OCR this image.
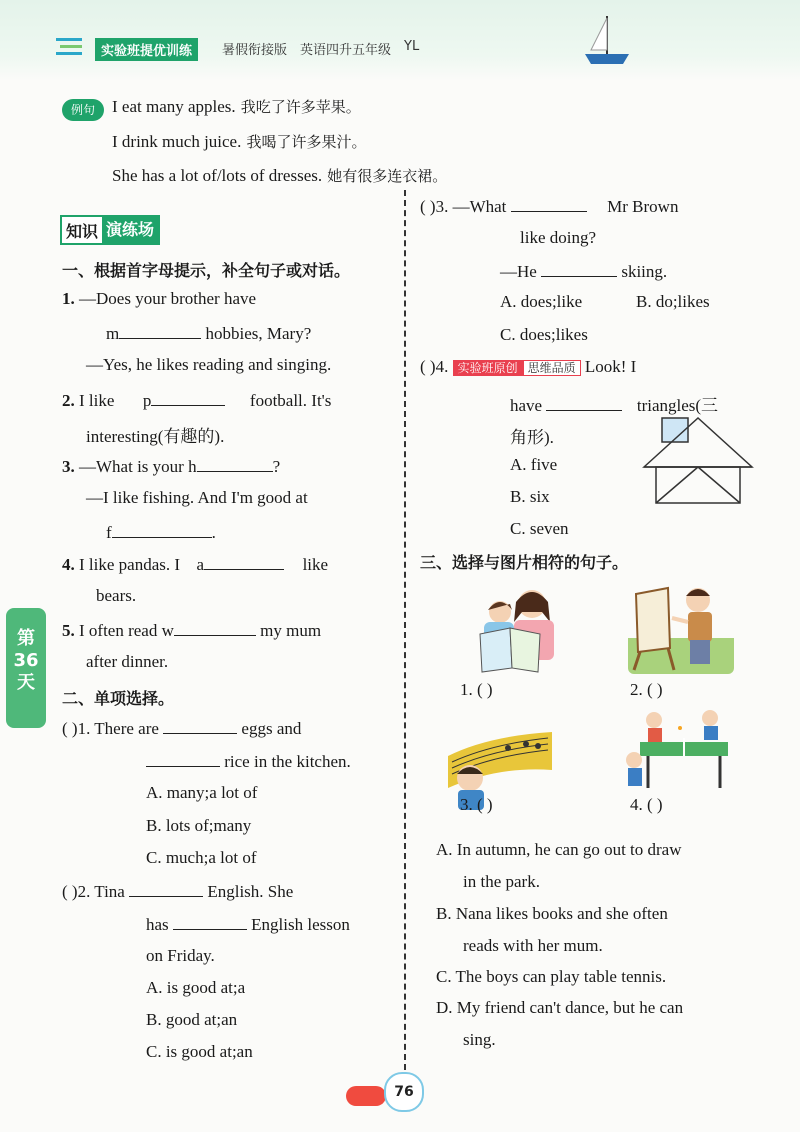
实验班提优训练	暑假衔接版 英语四升五年级 YL
例句	I eat many apples. 我吃了许多苹果。
I drink much juice. 我喝了许多果汁。
She has a lot of/lots of dresses. 她有很多连衣裙。
知识 演练场
第
36
天
一、根据首字母提示，补全句子或对话。
1. —Does your brother have
m	hobbies, Mary?
—Yes, he likes reading and singing.
2. I like p	football. It's
interesting(有趣的).
3. —What is your h	?
—I like fishing. And I'm good at
f	.
4. I like pandas. I a	like
bears.
5. I often read w	my mum
after dinner.
二、单项选择。
( )1. There are	eggs and
rice in the kitchen.
A. many;a lot of
B. lots of;many
C. much;a lot of
( )2. Tina	English. She
has	English lesson
on Friday.
A. is good at;a
B. good at;an
C. is good at;an
( )3. —What	Mr Brown
like doing?
—He	skiing.
A. does;like	B. do;likes
C. does;likes
( )4. 实验班原创 思维品质 Look! I
have	triangles(三
角形).
A. five
B. six
C. seven
三、选择与图片相符的句子。
1. ( )	2. ( )
3. ( )	4. ( )
A. In autumn, he can go out to draw
in the park.
B. Nana likes books and she often
reads with her mum.
C. The boys can play table tennis.
D. My friend can't dance, but he can
sing.
76
